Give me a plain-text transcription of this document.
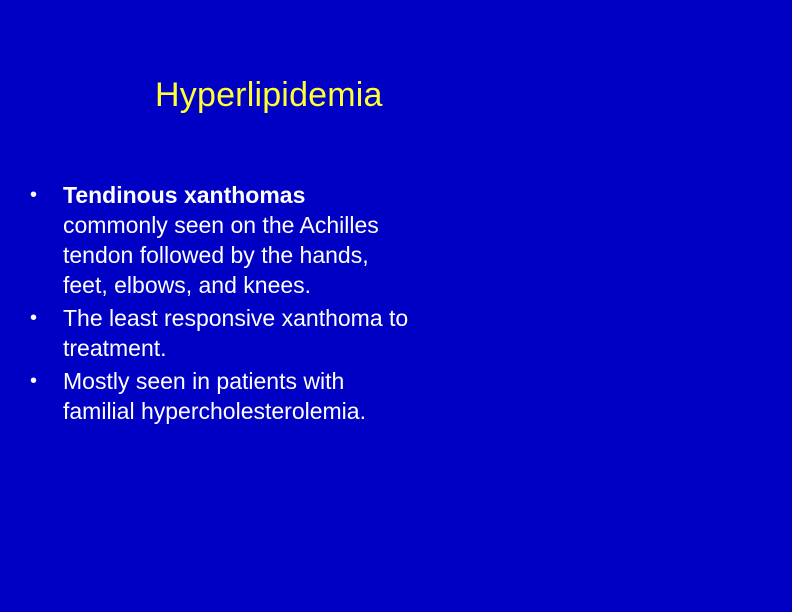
Hyperlipidemia
•	Tendinous xanthomas commonly seen on the Achilles tendon followed by the hands, feet, elbows, and knees.
•	The least responsive xanthoma to treatment.
•	Mostly seen in patients with familial hypercholesterolemia.
